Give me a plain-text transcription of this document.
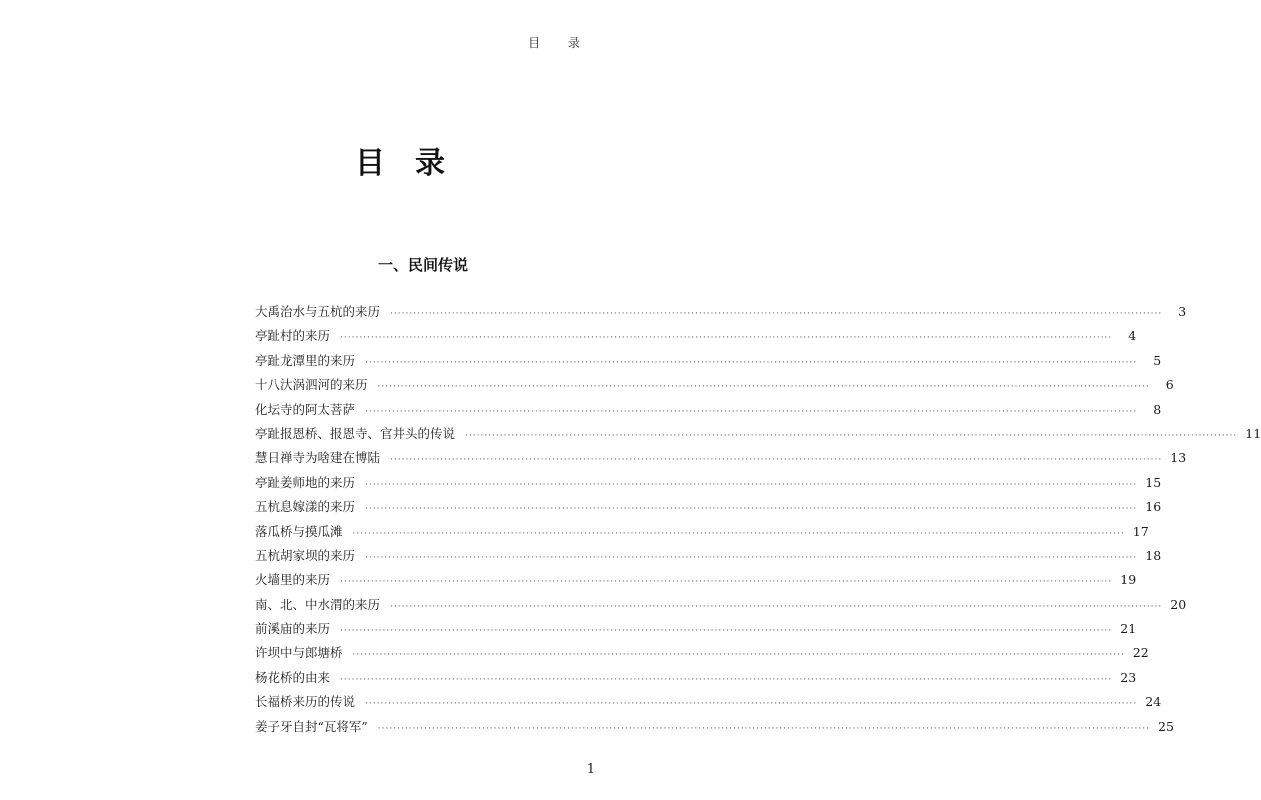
目 录
目录
一、民间传说
大禹治水与五杭的来历 ········································································································································································································	3
亭趾村的来历 ········································································································································································································	4
亭趾龙潭里的来历 ········································································································································································································	5
十八汏涡泗河的来历 ········································································································································································································	6
化坛寺的阿太菩萨 ········································································································································································································	8
亭趾报恩桥、报恩寺、官井头的传说 ········································································································································································································ 11
慧日禅寺为啥建在博陆 ········································································································································································································ 13
亭趾姜师地的来历 ········································································································································································································ 15
五杭息嫁漾的来历 ········································································································································································································ 16
落瓜桥与摸瓜滩 ········································································································································································································ 17
五杭胡家坝的来历 ········································································································································································································ 18
火墙里的来历 ········································································································································································································ 19
南、北、中水渭的来历 ········································································································································································································ 20
前溪庙的来历 ········································································································································································································ 21
许坝中与郎塘桥 ········································································································································································································ 22
杨花桥的由来 ········································································································································································································ 23
长福桥来历的传说 ········································································································································································································ 24
姜子牙自封“瓦将军” ········································································································································································································ 25
1
